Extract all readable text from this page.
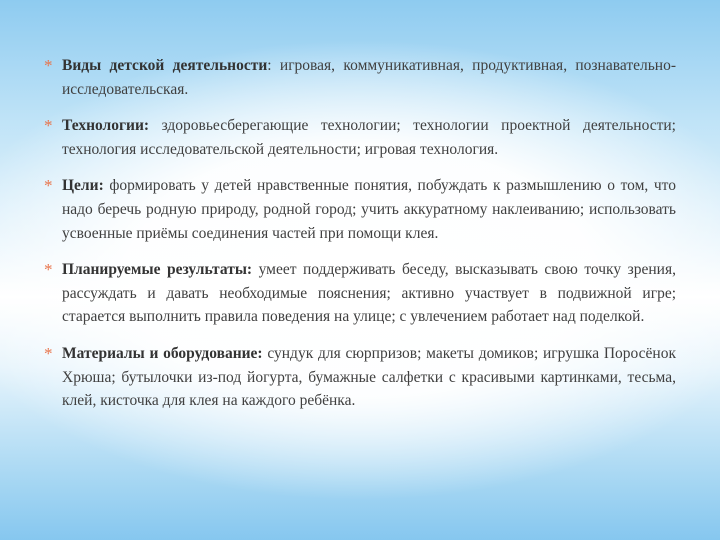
* Виды детской деятельности: игровая, коммуникативная, продуктивная, познавательно-исследовательская.
* Технологии: здоровьесберегающие технологии; технологии проектной деятельности; технология исследовательской деятельности; игровая технология.
* Цели: формировать у детей нравственные понятия, побуждать к размышлению о том, что надо беречь родную природу, родной город; учить аккуратному наклеиванию; использовать усвоенные приёмы соединения частей при помощи клея.
* Планируемые результаты: умеет поддерживать беседу, высказывать свою точку зрения, рассуждать и давать необходимые пояснения; активно участвует в подвижной игре; старается выполнить правила поведения на улице; с увлечением работает над поделкой.
* Материалы и оборудование: сундук для сюрпризов; макеты домиков; игрушка Поросёнок Хрюша; бутылочки из-под йогурта, бумажные салфетки с красивыми картинками, тесьма, клей, кисточка для клея на каждого ребёнка.
